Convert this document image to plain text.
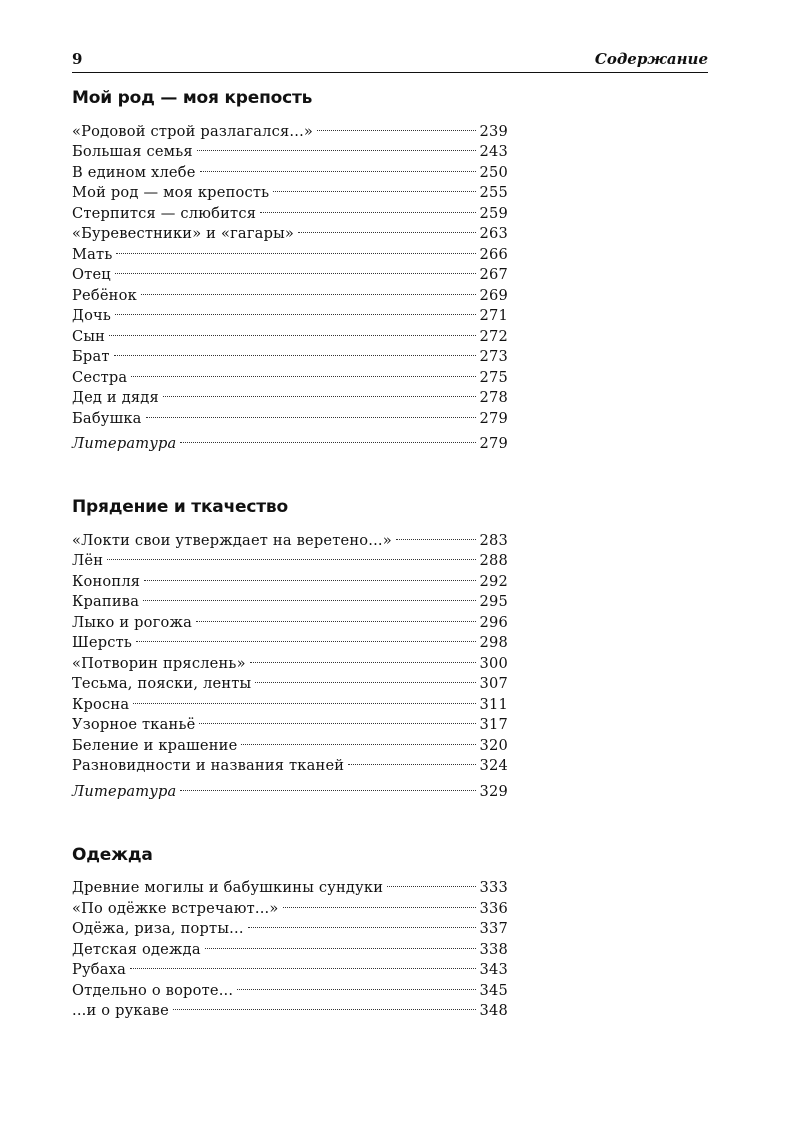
9	Содержание
Мой род — моя крепость
«Родовой строй разлагался...»	239
Большая семья	243
В едином хлебе	250
Мой род — моя крепость	255
Стерпится — слюбится	259
«Буревестники» и «гагары»	263
Мать	266
Отец	267
Ребёнок	269
Дочь	271
Сын	272
Брат	273
Сестра	275
Дед и дядя	278
Бабушка	279
Литература	279
Прядение и ткачество
«Локти свои утверждает на веретено...»	283
Лён	288
Конопля	292
Крапива	295
Лыко и рогожа	296
Шерсть	298
«Потворин пряслень»	300
Тесьма, пояски, ленты	307
Кросна	311
Узорное тканьё	317
Беление и крашение	320
Разновидности и названия тканей	324
Литература	329
Одежда
Древние могилы и бабушкины сундуки	333
«По одёжке встречают...»	336
Одёжа, риза, порты...	337
Детская одежда	338
Рубаха	343
Отдельно о вороте...	345
...и о рукаве	348
